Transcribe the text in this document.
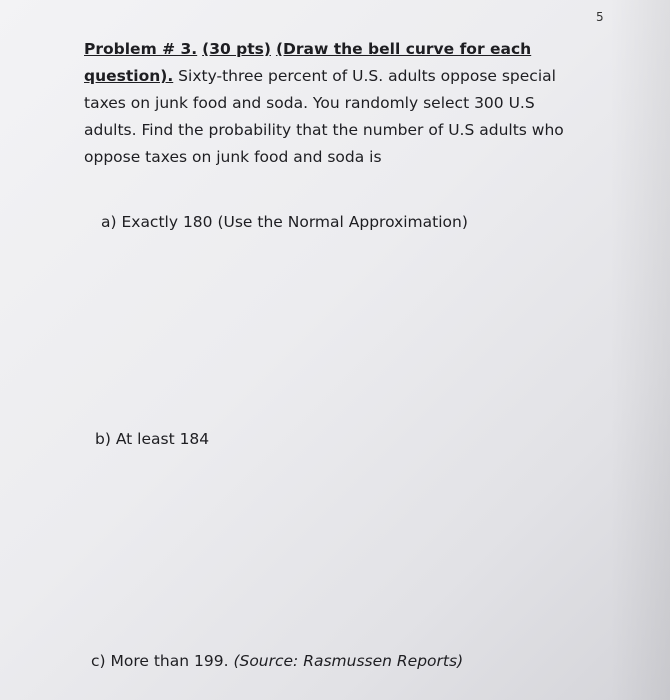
5
Problem # 3. (30 pts) (Draw the bell curve for each
question). Sixty-three percent of U.S. adults oppose special
taxes on junk food and soda. You randomly select 300 U.S
adults. Find the probability that the number of U.S adults who
oppose taxes on junk food and soda is
a) Exactly 180 (Use the Normal Approximation)
b) At least 184
c) More than 199. (Source: Rasmussen Reports)
